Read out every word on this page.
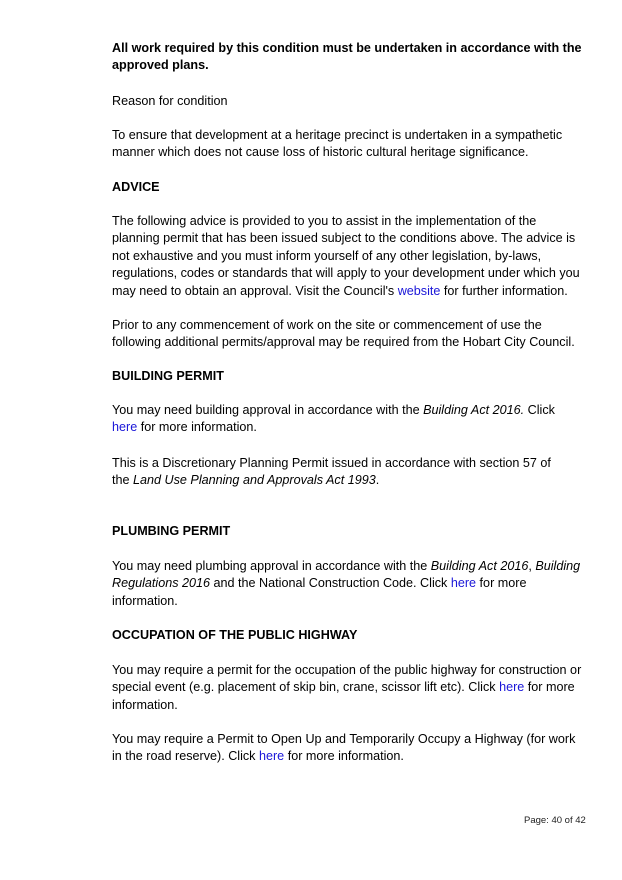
All work required by this condition must be undertaken in accordance with the approved plans.
Reason for condition
To ensure that development at a heritage precinct is undertaken in a sympathetic manner which does not cause loss of historic cultural heritage significance.
ADVICE
The following advice is provided to you to assist in the implementation of the planning permit that has been issued subject to the conditions above. The advice is not exhaustive and you must inform yourself of any other legislation, by-laws, regulations, codes or standards that will apply to your development under which you may need to obtain an approval. Visit the Council's website for further information.
Prior to any commencement of work on the site or commencement of use the following additional permits/approval may be required from the Hobart City Council.
BUILDING PERMIT
You may need building approval in accordance with the Building Act 2016. Click here for more information.
This is a Discretionary Planning Permit issued in accordance with section 57 of the Land Use Planning and Approvals Act 1993.
PLUMBING PERMIT
You may need plumbing approval in accordance with the Building Act 2016, Building Regulations 2016 and the National Construction Code. Click here for more information.
OCCUPATION OF THE PUBLIC HIGHWAY
You may require a permit for the occupation of the public highway for construction or special event (e.g. placement of skip bin, crane, scissor lift etc). Click here for more information.
You may require a Permit to Open Up and Temporarily Occupy a Highway (for work in the road reserve). Click here for more information.
Page: 40 of 42
